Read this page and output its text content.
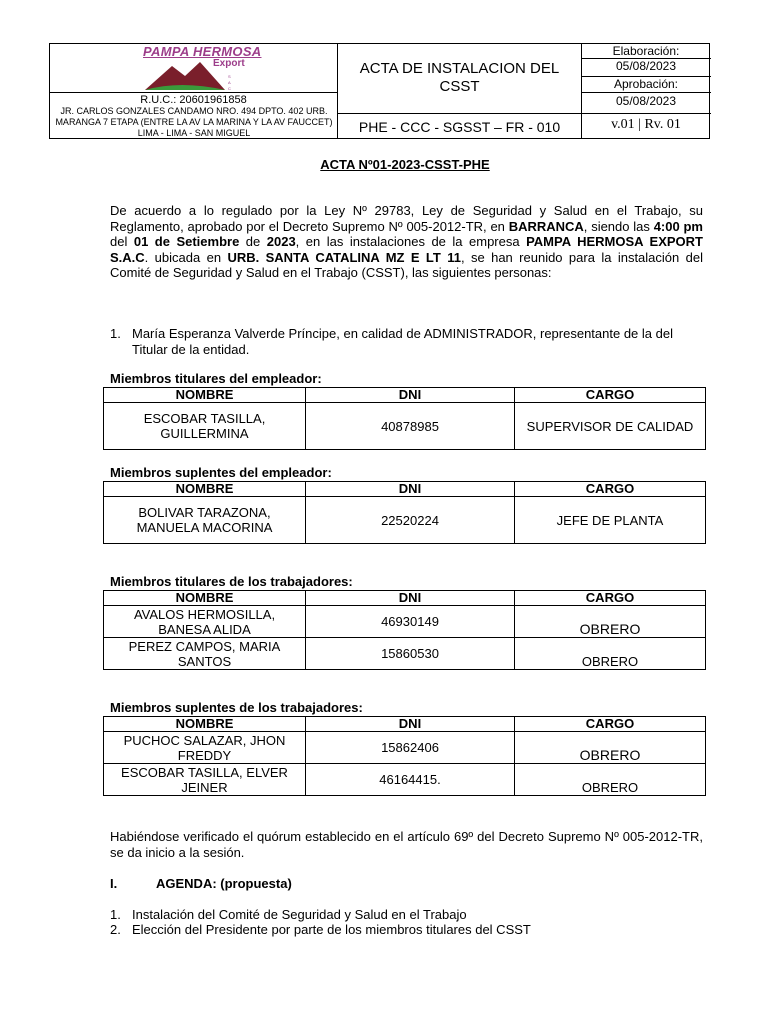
S
A
C
PAMPA HERMOSA
Export
R.U.C.: 20601961858
JR. CARLOS GONZALES CANDAMO NRO. 494 DPTO. 402 URB. MARANGA 7 ETAPA (ENTRE LA AV LA MARINA Y LA AV FAUCCET) LIMA - LIMA - SAN MIGUEL
ACTA DE INSTALACION DEL CSST
PHE - CCC - SGSST – FR - 010
Elaboración:
05/08/2023
Aprobación:
05/08/2023
v.01 | Rv. 01
ACTA Nº01-2023-CSST-PHE
De acuerdo a lo regulado por la Ley Nº 29783, Ley de Seguridad y Salud en el Trabajo, su Reglamento, aprobado por el Decreto Supremo Nº 005-2012-TR, en BARRANCA, siendo las 4:00 pm del 01 de Setiembre de 2023, en las instalaciones de la empresa PAMPA HERMOSA EXPORT S.A.C. ubicada en URB. SANTA CATALINA MZ E LT 11, se han reunido para la instalación del Comité de Seguridad y Salud en el Trabajo (CSST), las siguientes personas:
1. María Esperanza Valverde Príncipe, en calidad de ADMINISTRADOR, representante de la del Titular de la entidad.
Miembros titulares del empleador:
NOMBRE	DNI	CARGO
ESCOBAR TASILLA, GUILLERMINA	40878985	SUPERVISOR DE CALIDAD
Miembros suplentes del empleador:
NOMBRE	DNI	CARGO
BOLIVAR TARAZONA, MANUELA MACORINA	22520224	JEFE DE PLANTA
Miembros titulares de los trabajadores:
NOMBRE	DNI	CARGO
AVALOS HERMOSILLA, BANESA ALIDA	46930149	OBRERO
PEREZ CAMPOS, MARIA SANTOS	15860530	OBRERO
Miembros suplentes de los trabajadores:
NOMBRE	DNI	CARGO
PUCHOC SALAZAR, JHON FREDDY	15862406	OBRERO
ESCOBAR TASILLA, ELVER JEINER	46164415.	OBRERO
Habiéndose verificado el quórum establecido en el artículo 69º del Decreto Supremo Nº 005-2012-TR, se da inicio a la sesión.
I.	AGENDA: (propuesta)
1. Instalación del Comité de Seguridad y Salud en el Trabajo
2. Elección del Presidente por parte de los miembros titulares del CSST
